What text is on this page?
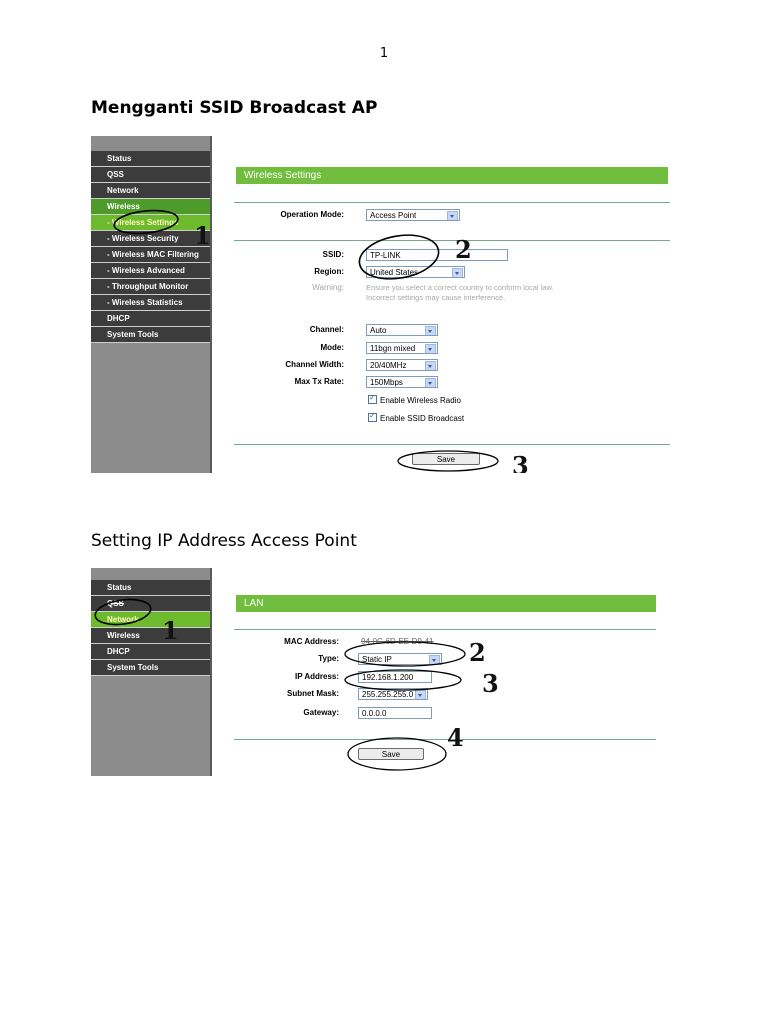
1
Mengganti SSID Broadcast AP
Status
QSS
Network
Wireless
- Wireless Settings
- Wireless Security
- Wireless MAC Filtering
- Wireless Advanced
- Throughput Monitor
- Wireless Statistics
DHCP
System Tools
Wireless Settings
Operation Mode:	Access Point
SSID:	TP-LINK
Region:	United States
Warning:	Ensure you select a correct country to conform local law.
Incorrect settings may cause interference.
Channel:	Auto
Mode:	11bgn mixed
Channel Width:	20/40MHz
Max Tx Rate:	150Mbps
✓Enable Wireless Radio
✓Enable SSID Broadcast
Save
1	2
3
Setting IP Address Access Point
Status
QSS
Network
Wireless
DHCP
System Tools
LAN
MAC Address:	94-0C-6D-EE-D9-41
Type:	Static IP
IP Address:	192.168.1.200
Subnet Mask:	255.255.255.0
Gateway:	0.0.0.0
Save
1
2
3
4
